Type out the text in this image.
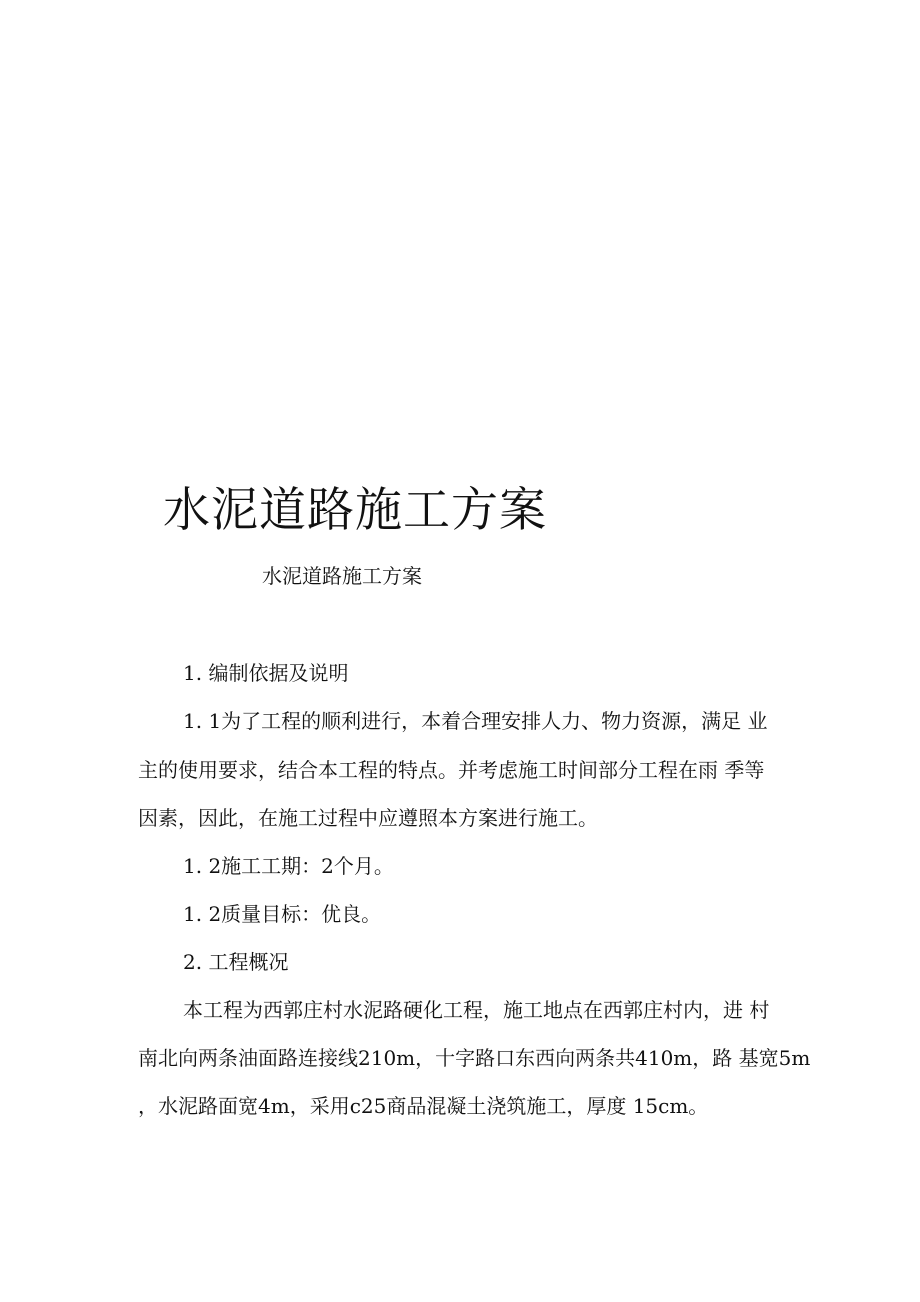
水泥道路施工方案
水泥道路施工方案
1. 编制依据及说明
1. 1为了工程的顺利进行，本着合理安排人力、物力资源，满足 业
主的使用要求，结合本工程的特点。并考虑施工时间部分工程在雨 季等
因素，因此，在施工过程中应遵照本方案进行施工。
1. 2施工工期：2个月。
1. 2质量目标：优良。
2. 工程概况
本工程为西郭庄村水泥路硬化工程，施工地点在西郭庄村内，进 村
南北向两条油面路连接线210m，十字路口东西向两条共410m，路 基宽5m
，水泥路面宽4m，采用c25商品混凝土浇筑施工，厚度 15cm。
